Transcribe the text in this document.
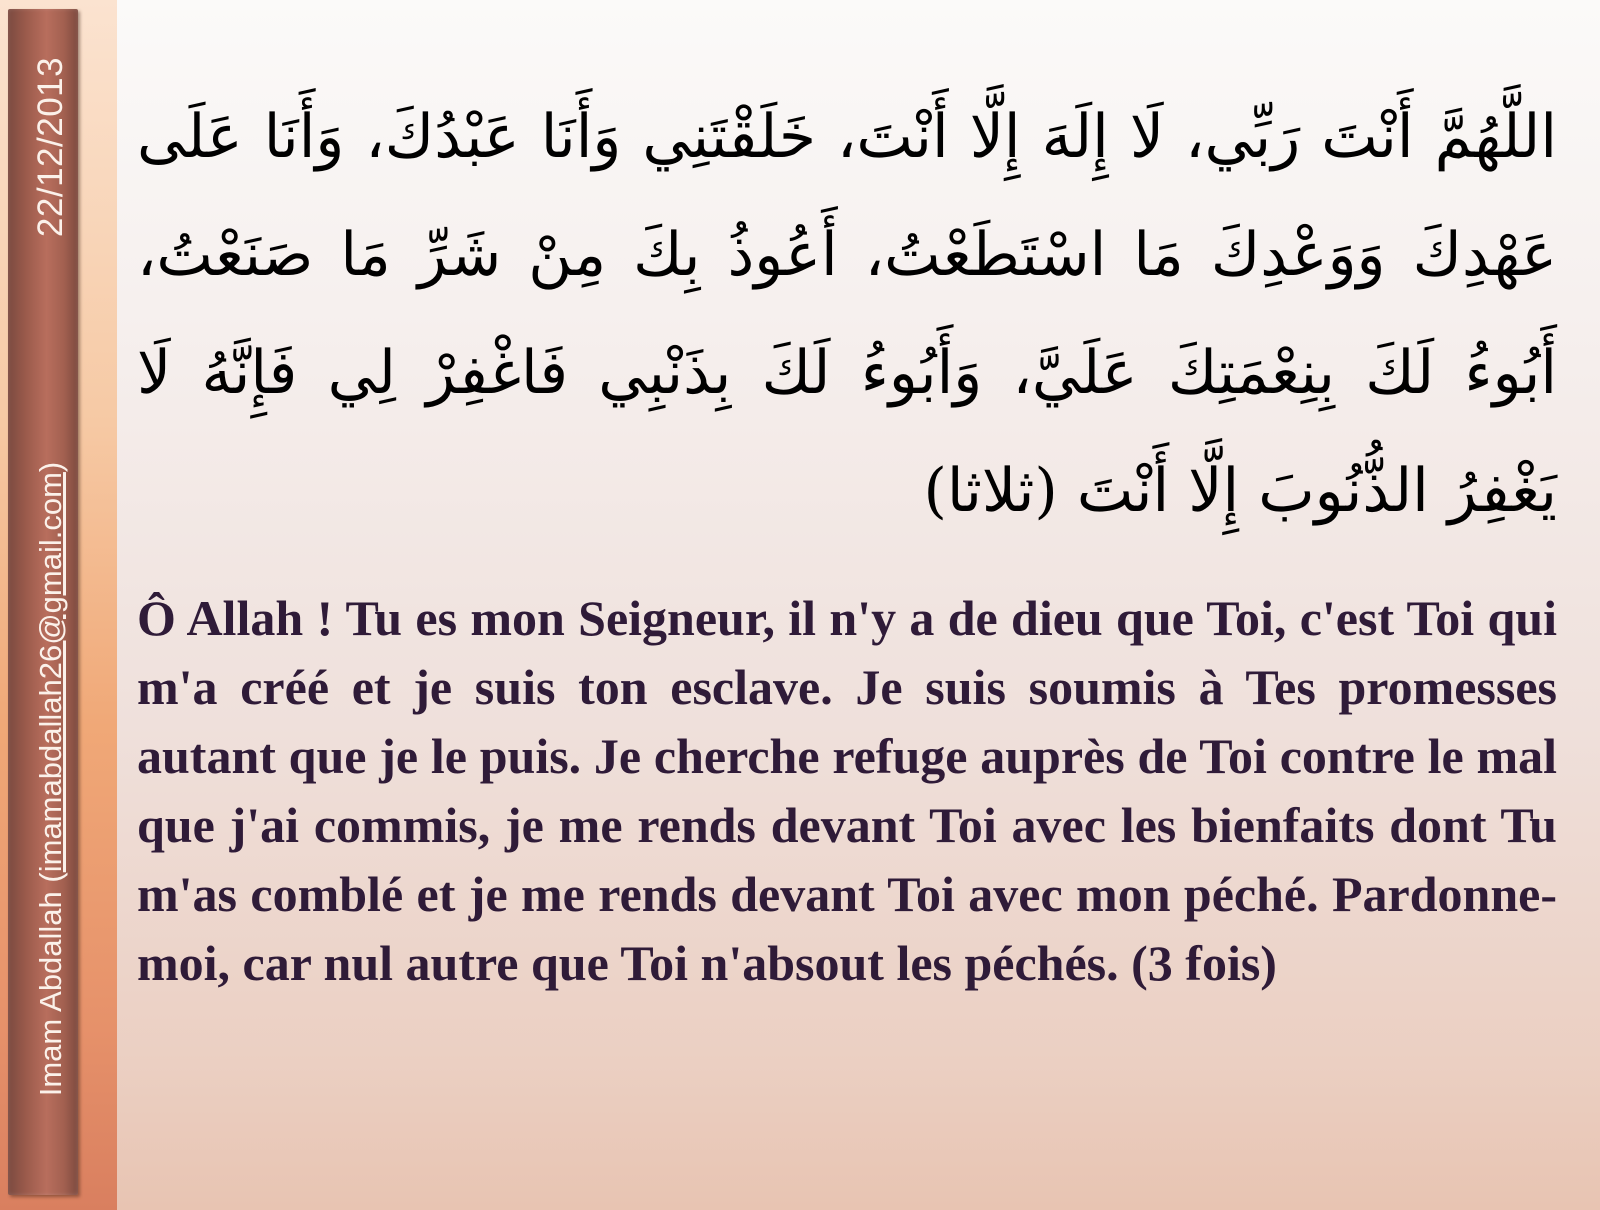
22/12/2013
Imam Abdallah (imamabdallah26@gmail.com)
اللَّهُمَّ أَنْتَ رَبِّي، لَا إِلَهَ إِلَّا أَنْتَ، خَلَقْتَنِي وَأَنَا عَبْدُكَ، وَأَنَا عَلَى عَهْدِكَ وَوَعْدِكَ مَا اسْتَطَعْتُ، أَعُوذُ بِكَ مِنْ شَرِّ مَا صَنَعْتُ، أَبُوءُ لَكَ بِنِعْمَتِكَ عَلَيَّ، وَأَبُوءُ لَكَ بِذَنْبِي فَاغْفِرْ لِي فَإِنَّهُ لَا يَغْفِرُ الذُّنُوبَ إِلَّا أَنْتَ (ثلاثا)
Ô Allah ! Tu es mon Seigneur, il n'y a de dieu que Toi, c'est Toi qui m'a créé et je suis ton esclave. Je suis soumis à Tes promesses autant que je le puis. Je cherche refuge auprès de Toi contre le mal que j'ai commis, je me rends devant Toi avec les bienfaits dont Tu m'as comblé et je me rends devant Toi avec mon péché. Pardonne-moi, car nul autre que Toi n'absout les péchés. (3 fois)
